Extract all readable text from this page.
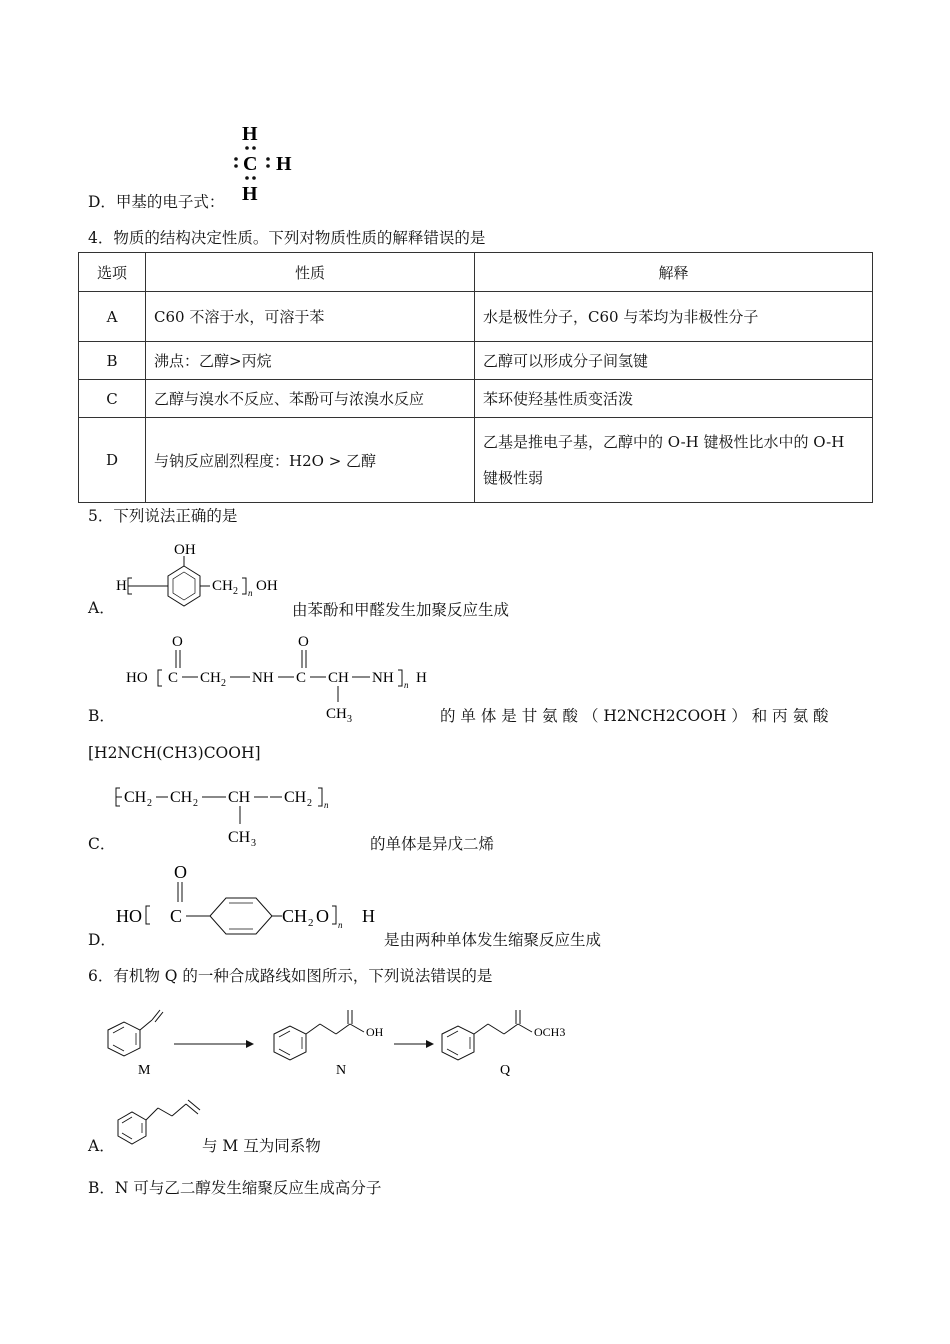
H
C H
H
D．甲基的电子式：
4．物质的结构决定性质。下列对物质性质的解释错误的是
选项	性质	解释
A	C60 不溶于水，可溶于苯	水是极性分子，C60 与苯均为非极性分子
B	沸点：乙醇>丙烷	乙醇可以形成分子间氢键
C	乙醇与溴水不反应、苯酚可与浓溴水反应	苯环使羟基性质变活泼
D	与钠反应剧烈程度：H2O > 乙醇	乙基是推电子基，乙醇中的 O-H 键极性比水中的 O-H 键极性弱
5．下列说法正确的是
OH
H	CH 2 n OH
A．	由苯酚和甲醛发生加聚反应生成
O	O
HO C CH 2 NH C CH
CH 3
NH n H
B．	的 单 体 是 甘 氨 酸 （ H2NCH2COOH ） 和 丙 氨 酸
[H2NCH(CH3)COOH]
CH 2 CH 2 CH CH 2 n
CH 3
C．	的单体是异戊二烯
O
HO C	CH 2 O n H
D．	是由两种单体发生缩聚反应生成
6．有机物 Q 的一种合成路线如图所示，下列说法错误的是
M
OH
N
OCH3
Q
A．	与 M 互为同系物
B．N 可与乙二醇发生缩聚反应生成高分子
